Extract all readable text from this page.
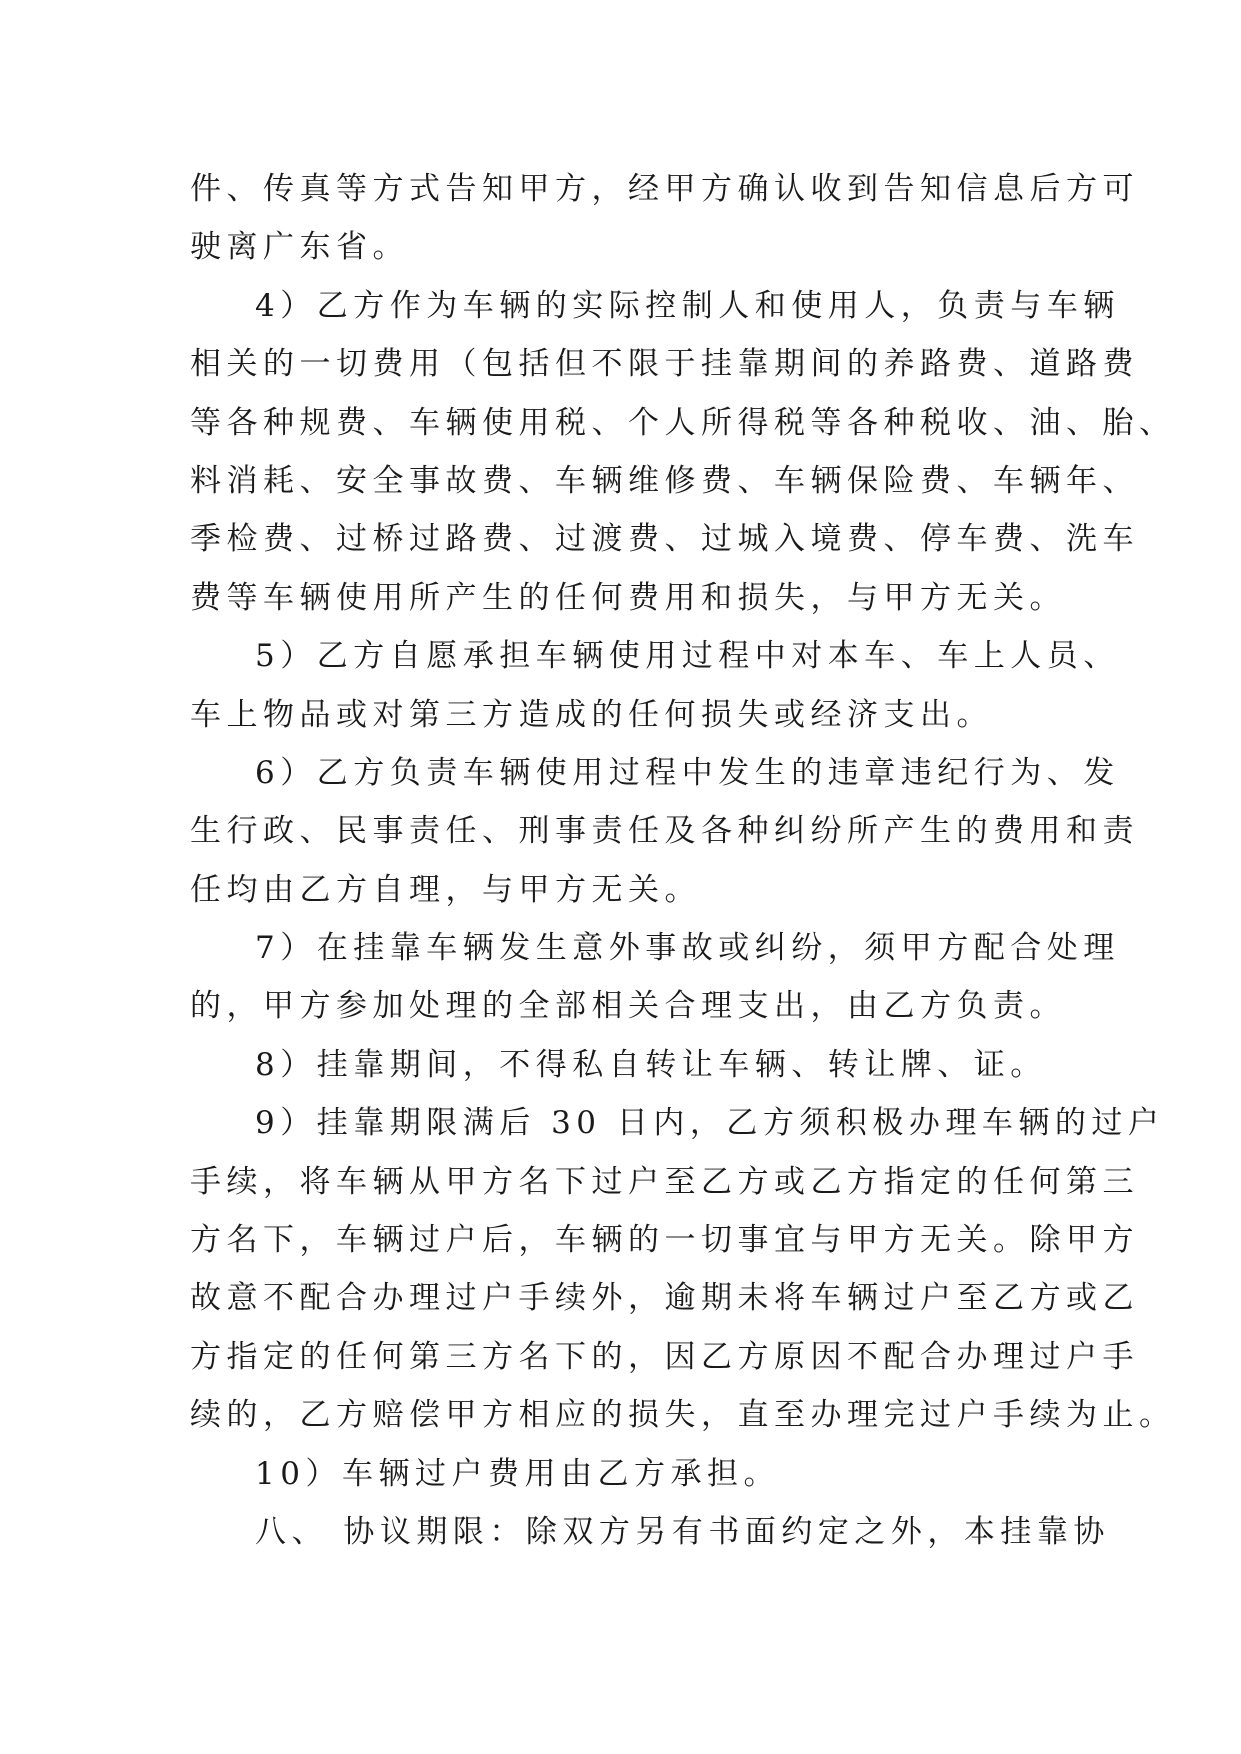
件、传真等方式告知甲方，经甲方确认收到告知信息后方可
驶离广东省。
4）乙方作为车辆的实际控制人和使用人，负责与车辆
相关的一切费用（包括但不限于挂靠期间的养路费、道路费
等各种规费、车辆使用税、个人所得税等各种税收、油、胎、
料消耗、安全事故费、车辆维修费、车辆保险费、车辆年、
季检费、过桥过路费、过渡费、过城入境费、停车费、洗车
费等车辆使用所产生的任何费用和损失，与甲方无关。
5）乙方自愿承担车辆使用过程中对本车、车上人员、
车上物品或对第三方造成的任何损失或经济支出。
6）乙方负责车辆使用过程中发生的违章违纪行为、发
生行政、民事责任、刑事责任及各种纠纷所产生的费用和责
任均由乙方自理，与甲方无关。
7）在挂靠车辆发生意外事故或纠纷，须甲方配合处理
的，甲方参加处理的全部相关合理支出，由乙方负责。
8）挂靠期间，不得私自转让车辆、转让牌、证。
9）挂靠期限满后 30 日内，乙方须积极办理车辆的过户
手续，将车辆从甲方名下过户至乙方或乙方指定的任何第三
方名下，车辆过户后，车辆的一切事宜与甲方无关。除甲方
故意不配合办理过户手续外，逾期未将车辆过户至乙方或乙
方指定的任何第三方名下的，因乙方原因不配合办理过户手
续的，乙方赔偿甲方相应的损失，直至办理完过户手续为止。
10）车辆过户费用由乙方承担。
八、 协议期限：除双方另有书面约定之外，本挂靠协
